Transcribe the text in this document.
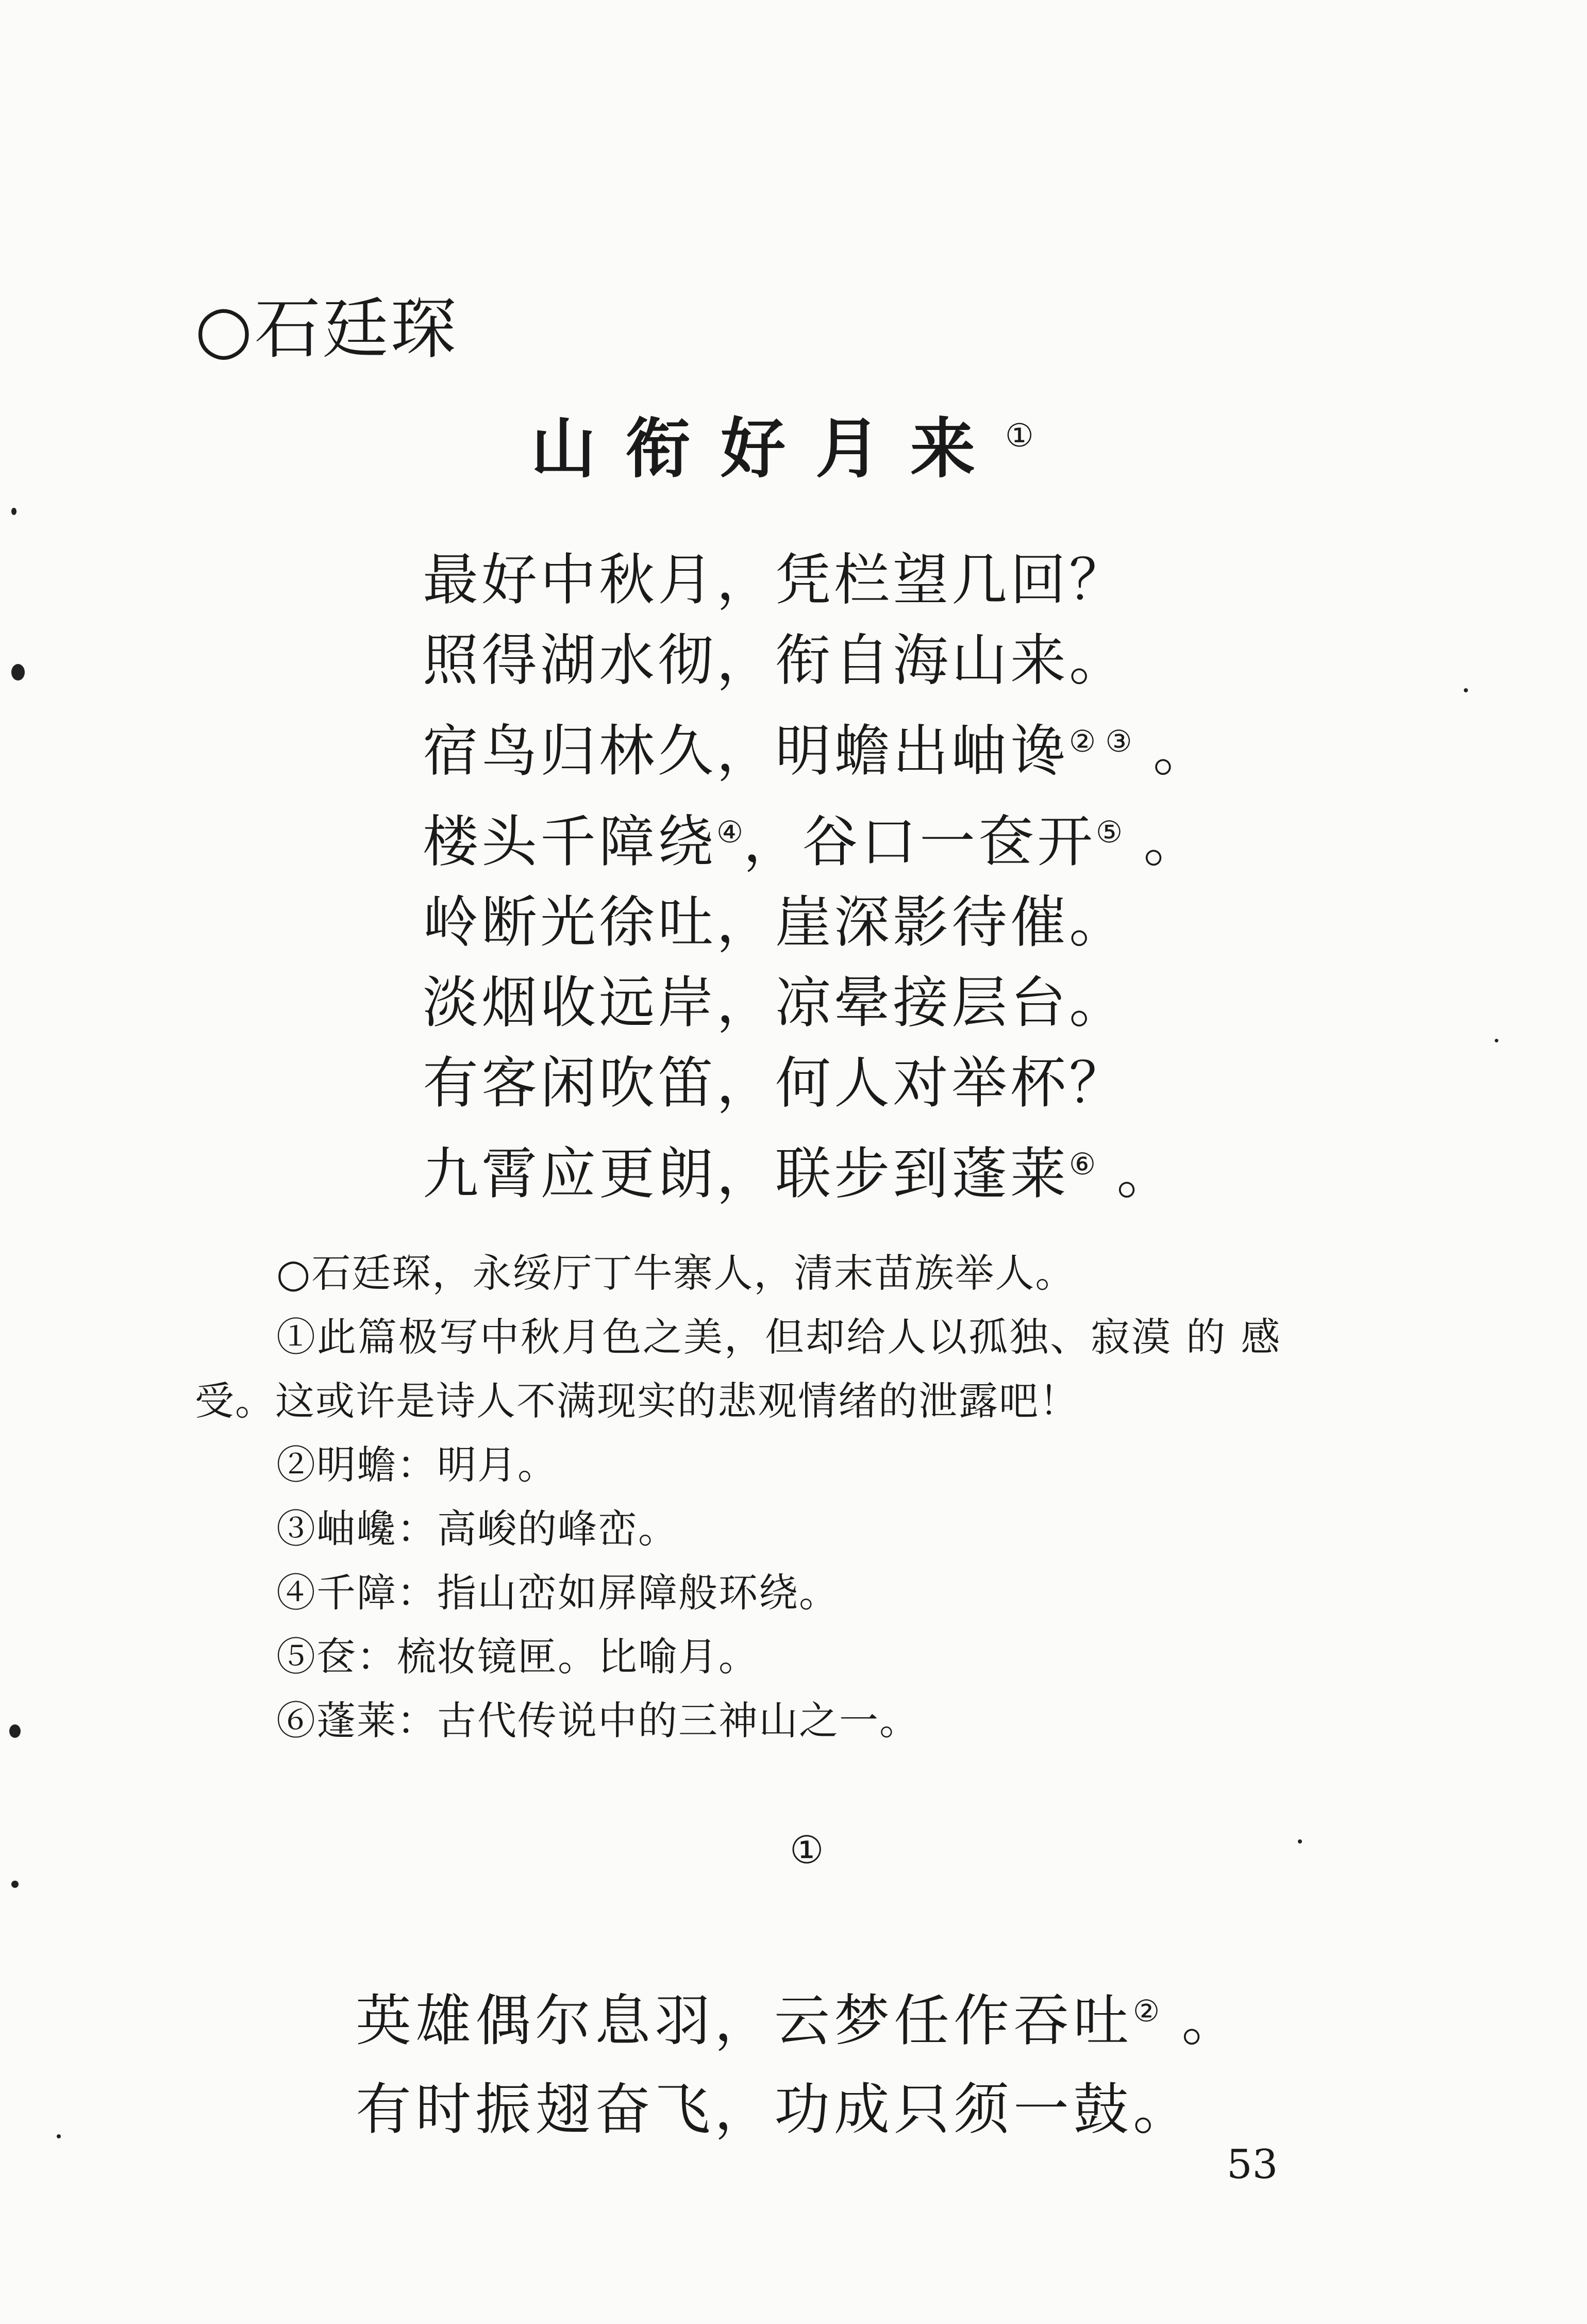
○石廷琛
山衔好月来①
最好中秋月，凭栏望几回？
照得湖水彻，衔自海山来。
宿鸟归林久，明蟾出岫谗② ③ 。
楼头千障绕④，谷口一奁开⑤ 。
岭断光徐吐，崖深影待催。
淡烟收远岸，凉晕接层台。
有客闲吹笛，何人对举杯？
九霄应更朗，联步到蓬莱⑥ 。
○石廷琛，永绥厅丁牛寨人，清末苗族举人。
①此篇极写中秋月色之美，但却给人以孤独、寂漠 的 感
受。这或许是诗人不满现实的悲观情绪的泄露吧！
②明蟾：明月。
③岫巉：高峻的峰峦。
④千障：指山峦如屏障般环绕。
⑤奁：梳妆镜匣。比喻月。
⑥蓬莱：古代传说中的三神山之一。
①
英雄偶尔息羽，云梦任作吞吐② 。
有时振翅奋飞，功成只须一鼓。
53
